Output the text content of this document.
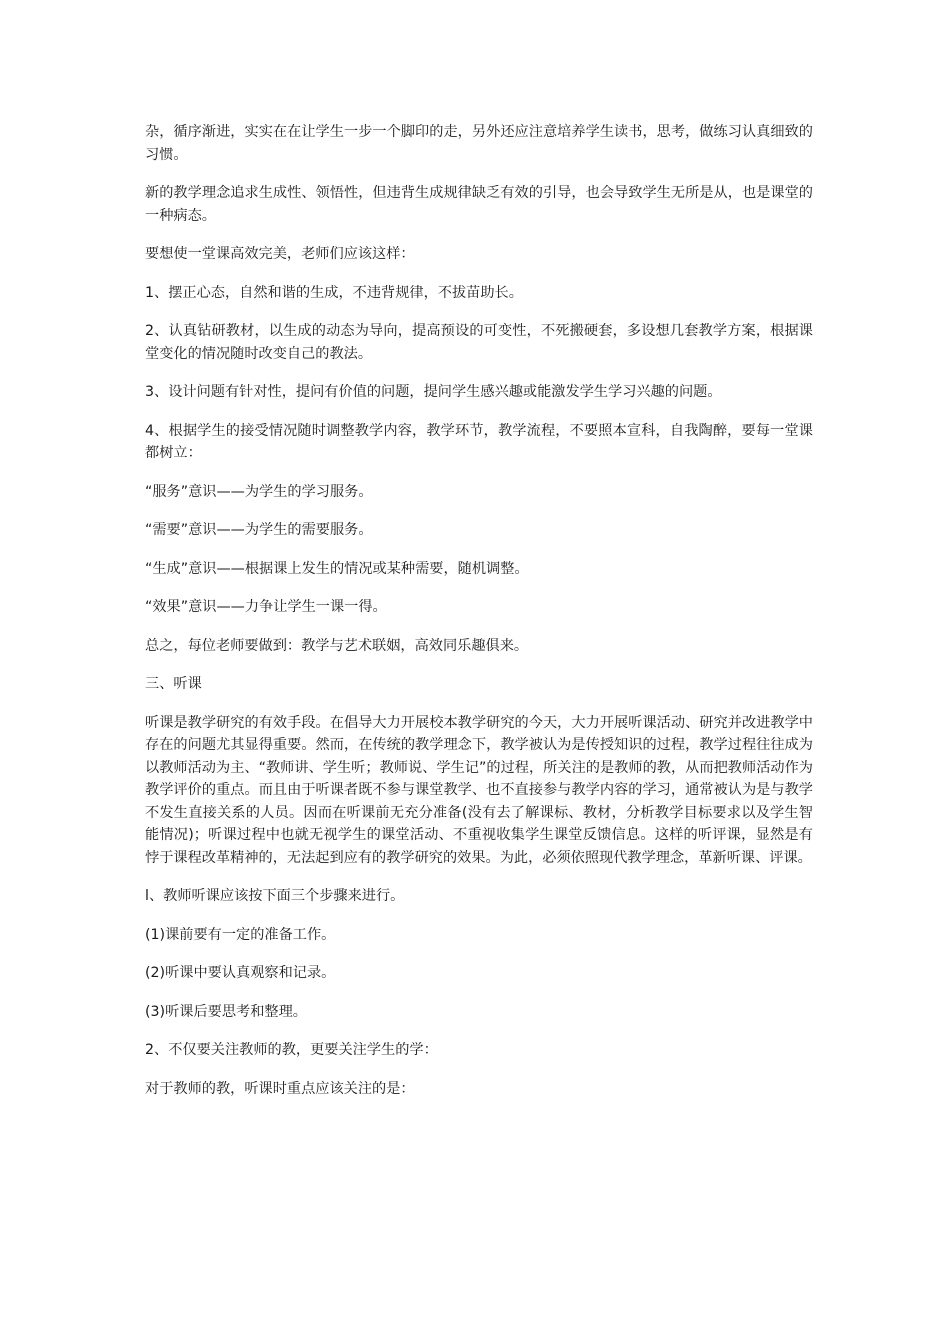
杂，循序渐进，实实在在让学生一步一个脚印的走，另外还应注意培养学生读书，思考，做练习认真细致的习惯。

新的教学理念追求生成性、领悟性，但违背生成规律缺乏有效的引导，也会导致学生无所是从，也是课堂的一种病态。

要想使一堂课高效完美，老师们应该这样：

1、摆正心态，自然和谐的生成，不违背规律，不拔苗助长。

2、认真钻研教材，以生成的动态为导向，提高预设的可变性，不死搬硬套，多设想几套教学方案，根据课堂变化的情况随时改变自己的教法。

3、设计问题有针对性，提问有价值的问题，提问学生感兴趣或能激发学生学习兴趣的问题。

4、根据学生的接受情况随时调整教学内容，教学环节，教学流程，不要照本宣科，自我陶醉，要每一堂课都树立：

“服务”意识——为学生的学习服务。

“需要”意识——为学生的需要服务。

“生成”意识——根据课上发生的情况或某种需要，随机调整。

“效果”意识——力争让学生一课一得。

总之，每位老师要做到：教学与艺术联姻，高效同乐趣俱来。

三、听课

听课是教学研究的有效手段。在倡导大力开展校本教学研究的今天，大力开展听课活动、研究并改进教学中存在的问题尤其显得重要。然而，在传统的教学理念下，教学被认为是传授知识的过程，教学过程往往成为以教师活动为主、“教师讲、学生听；教师说、学生记”的过程，所关注的是教师的教，从而把教师活动作为教学评价的重点。而且由于听课者既不参与课堂教学、也不直接参与教学内容的学习，通常被认为是与教学不发生直接关系的人员。因而在听课前无充分准备(没有去了解课标、教材，分析教学目标要求以及学生智能情况)；听课过程中也就无视学生的课堂活动、不重视收集学生课堂反馈信息。这样的听评课，显然是有悖于课程改革精神的，无法起到应有的教学研究的效果。为此，必须依照现代教学理念，革新听课、评课。

l、教师听课应该按下面三个步骤来进行。

(1)课前要有一定的准备工作。

(2)听课中要认真观察和记录。

(3)听课后要思考和整理。

2、不仅要关注教师的教，更要关注学生的学：

对于教师的教，听课时重点应该关注的是：
